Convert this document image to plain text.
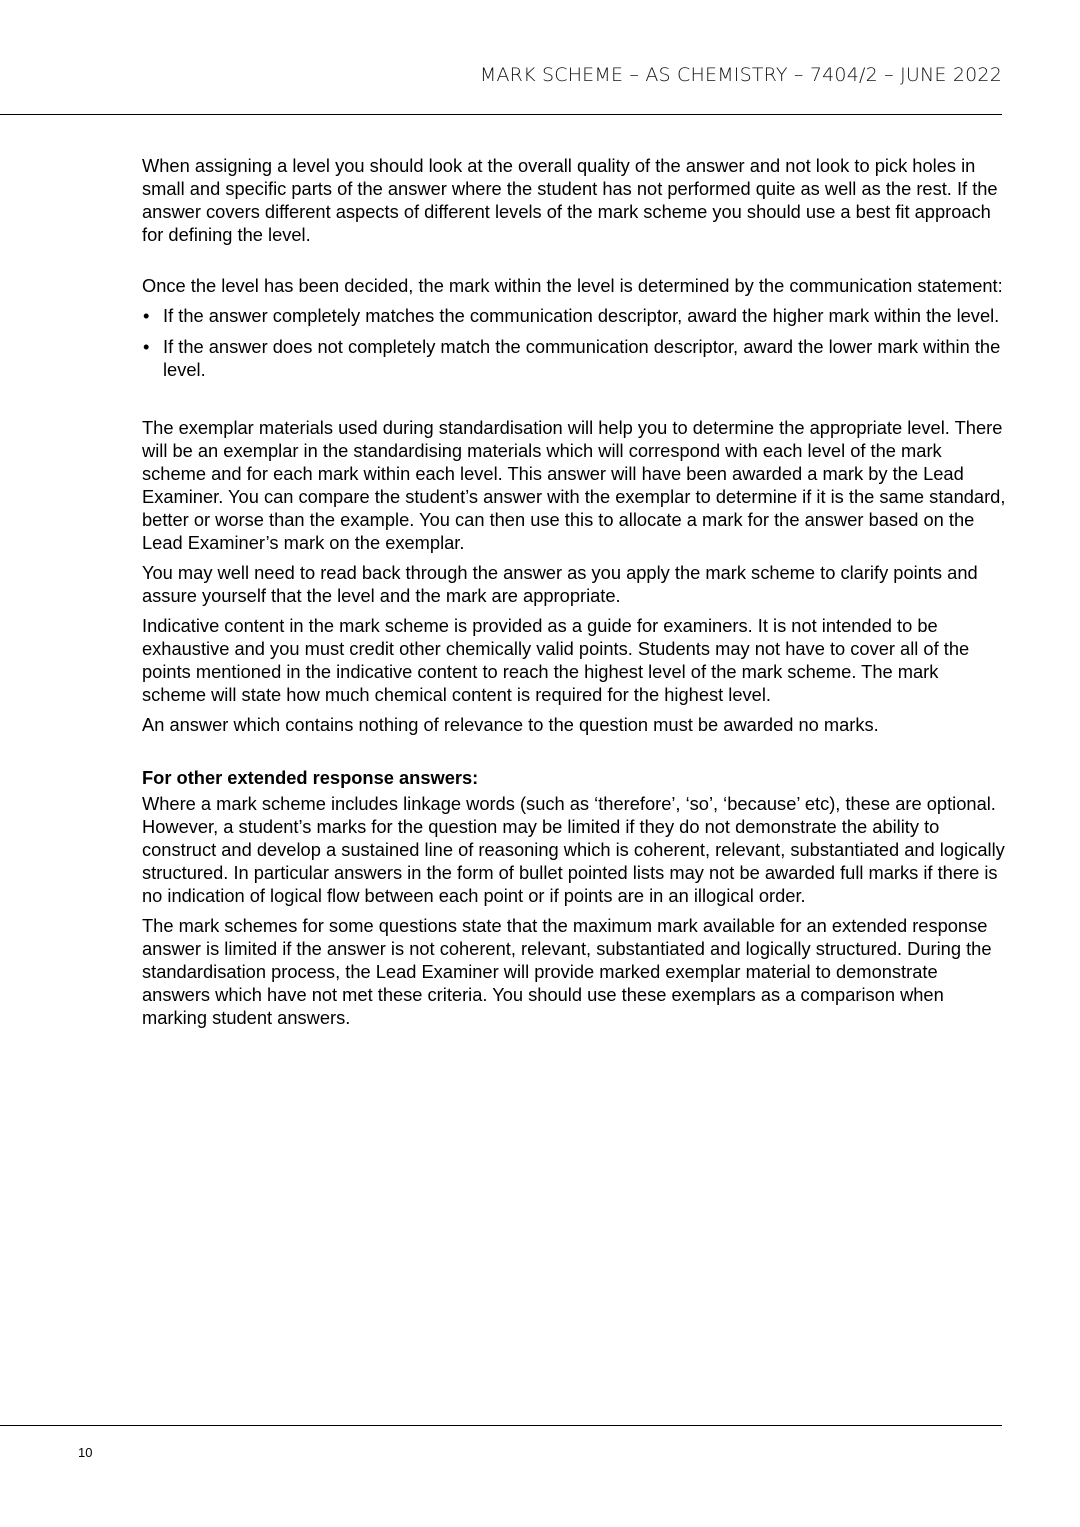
MARK SCHEME – AS CHEMISTRY – 7404/2 – JUNE 2022

When assigning a level you should look at the overall quality of the answer and not look to pick holes in small and specific parts of the answer where the student has not performed quite as well as the rest. If the answer covers different aspects of different levels of the mark scheme you should use a best fit approach for defining the level.

Once the level has been decided, the mark within the level is determined by the communication statement:

• If the answer completely matches the communication descriptor, award the higher mark within the level.
• If the answer does not completely match the communication descriptor, award the lower mark within the level.

The exemplar materials used during standardisation will help you to determine the appropriate level. There will be an exemplar in the standardising materials which will correspond with each level of the mark scheme and for each mark within each level. This answer will have been awarded a mark by the Lead Examiner. You can compare the student’s answer with the exemplar to determine if it is the same standard, better or worse than the example. You can then use this to allocate a mark for the answer based on the Lead Examiner’s mark on the exemplar.

You may well need to read back through the answer as you apply the mark scheme to clarify points and assure yourself that the level and the mark are appropriate.

Indicative content in the mark scheme is provided as a guide for examiners. It is not intended to be exhaustive and you must credit other chemically valid points. Students may not have to cover all of the points mentioned in the indicative content to reach the highest level of the mark scheme. The mark scheme will state how much chemical content is required for the highest level.

An answer which contains nothing of relevance to the question must be awarded no marks.

For other extended response answers:

Where a mark scheme includes linkage words (such as ‘therefore’, ‘so’, ‘because’ etc), these are optional. However, a student’s marks for the question may be limited if they do not demonstrate the ability to construct and develop a sustained line of reasoning which is coherent, relevant, substantiated and logically structured. In particular answers in the form of bullet pointed lists may not be awarded full marks if there is no indication of logical flow between each point or if points are in an illogical order.

The mark schemes for some questions state that the maximum mark available for an extended response answer is limited if the answer is not coherent, relevant, substantiated and logically structured. During the standardisation process, the Lead Examiner will provide marked exemplar material to demonstrate answers which have not met these criteria. You should use these exemplars as a comparison when marking student answers.

10
